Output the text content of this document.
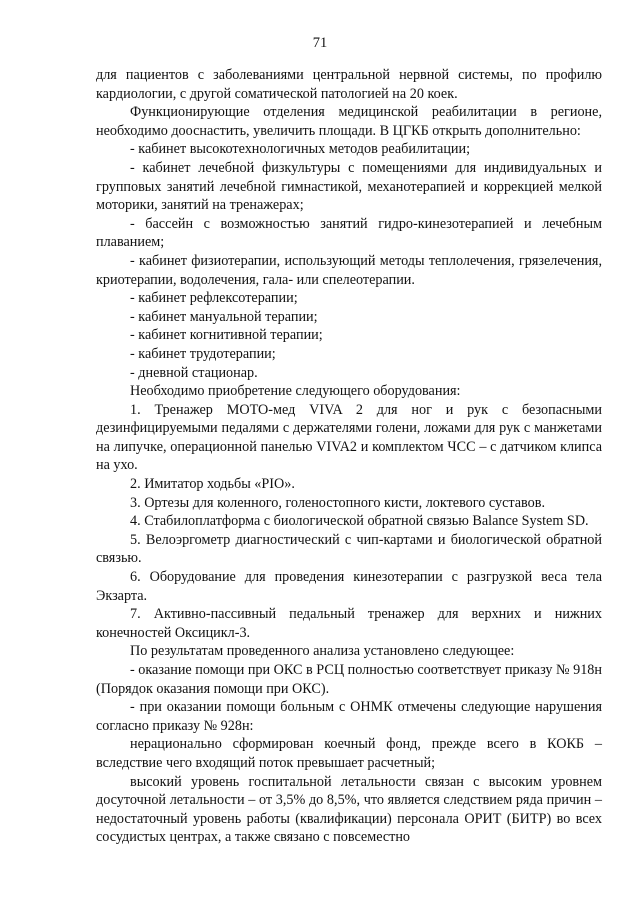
71

для пациентов с заболеваниями центральной нервной системы, по профилю кардиологии, с другой соматической патологией на 20 коек.

Функционирующие отделения медицинской реабилитации в регионе, необходимо дооснастить, увеличить площади. В ЦГКБ открыть дополнительно:

- кабинет высокотехнологичных методов реабилитации;

- кабинет лечебной физкультуры с помещениями для индивидуальных и групповых занятий лечебной гимнастикой, механотерапией и коррекцией мелкой моторики, занятий на тренажерах;

- бассейн с возможностью занятий гидро-кинезотерапией и лечебным плаванием;

- кабинет физиотерапии, использующий методы теплолечения, грязелечения, криотерапии, водолечения, гала- или спелеотерапии.

- кабинет рефлексотерапии;

- кабинет мануальной терапии;

- кабинет когнитивной терапии;

- кабинет трудотерапии;

- дневной стационар.

Необходимо приобретение следующего оборудования:

1. Тренажер МОТО-мед VIVA 2 для ног и рук с безопасными дезинфицируемыми педалями с держателями голени, ложами для рук с манжетами на липучке, операционной панелью VIVA2 и комплектом ЧСС – с датчиком клипса на ухо.

2. Имитатор ходьбы «PIO».

3. Ортезы для коленного, голеностопного кисти, локтевого суставов.

4. Стабилоплатформа с биологической обратной связью Balance System SD.

5. Велоэргометр диагностический с чип-картами и биологической обратной связью.

6. Оборудование для проведения кинезотерапии с разгрузкой веса тела Экзарта.

7. Активно-пассивный педальный тренажер для верхних и нижних конечностей Оксицикл-3.

По результатам проведенного анализа установлено следующее:

- оказание помощи при ОКС в РСЦ полностью соответствует приказу № 918н (Порядок оказания помощи при ОКС).

- при оказании помощи больным с ОНМК отмечены следующие нарушения согласно приказу № 928н:

нерационально сформирован коечный фонд, прежде всего в КОКБ – вследствие чего входящий поток превышает расчетный;

высокий уровень госпитальной летальности связан с высоким уровнем досуточной летальности – от 3,5% до 8,5%, что является следствием ряда причин – недостаточный уровень работы (квалификации) персонала ОРИТ (БИТР) во всех сосудистых центрах, а также связано с повсеместно
